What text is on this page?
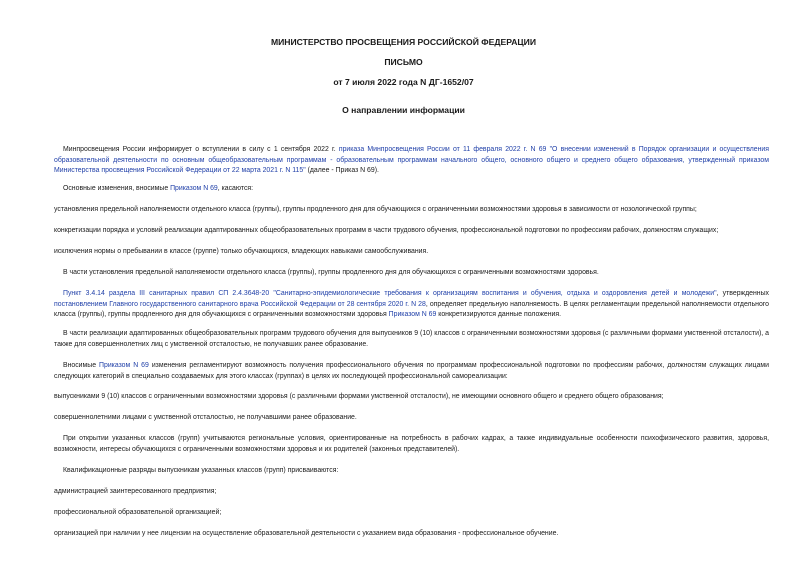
МИНИСТЕРСТВО ПРОСВЕЩЕНИЯ РОССИЙСКОЙ ФЕДЕРАЦИИ
ПИСЬМО
от 7 июля 2022 года N ДГ-1652/07
О направлении информации
Минпросвещения России информирует о вступлении в силу с 1 сентября 2022 г. приказа Минпросвещения России от 11 февраля 2022 г. N 69 "О внесении изменений в Порядок организации и осуществления образовательной деятельности по основным общеобразовательным программам - образовательным программам начального общего, основного общего и среднего общего образования, утвержденный приказом Министерства просвещения Российской Федерации от 22 марта 2021 г. N 115" (далее - Приказ N 69).
Основные изменения, вносимые Приказом N 69, касаются:
установления предельной наполняемости отдельного класса (группы), группы продленного дня для обучающихся с ограниченными возможностями здоровья в зависимости от нозологической группы;
конкретизации порядка и условий реализации адаптированных общеобразовательных программ в части трудового обучения, профессиональной подготовки по профессиям рабочих, должностям служащих;
исключения нормы о пребывании в классе (группе) только обучающихся, владеющих навыками самообслуживания.
В части установления предельной наполняемости отдельного класса (группы), группы продленного дня для обучающихся с ограниченными возможностями здоровья.
Пункт 3.4.14 раздела III санитарных правил СП 2.4.3648-20 "Санитарно-эпидемиологические требования к организациям воспитания и обучения, отдыха и оздоровления детей и молодежи", утвержденных постановлением Главного государственного санитарного врача Российской Федерации от 28 сентября 2020 г. N 28, определяет предельную наполняемость. В целях регламентации предельной наполняемости отдельного класса (группы), группы продленного дня для обучающихся с ограниченными возможностями здоровья Приказом N 69 конкретизируются данные положения.
В части реализации адаптированных общеобразовательных программ трудового обучения для выпускников 9 (10) классов с ограниченными возможностями здоровья (с различными формами умственной отсталости), а также для совершеннолетних лиц с умственной отсталостью, не получавших ранее образование.
Вносимые Приказом N 69 изменения регламентируют возможность получения профессионального обучения по программам профессиональной подготовки по профессиям рабочих, должностям служащих лицами следующих категорий в специально создаваемых для этого классах (группах) в целях их последующей профессиональной самореализации:
выпускниками 9 (10) классов с ограниченными возможностями здоровья (с различными формами умственной отсталости), не имеющими основного общего и среднего общего образования;
совершеннолетними лицами с умственной отсталостью, не получавшими ранее образование.
При открытии указанных классов (групп) учитываются региональные условия, ориентированные на потребность в рабочих кадрах, а также индивидуальные особенности психофизического развития, здоровья, возможности, интересы обучающихся с ограниченными возможностями здоровья и их родителей (законных представителей).
Квалификационные разряды выпускникам указанных классов (групп) присваиваются:
администрацией заинтересованного предприятия;
профессиональной образовательной организацией;
организацией при наличии у нее лицензии на осуществление образовательной деятельности с указанием вида образования - профессиональное обучение.
